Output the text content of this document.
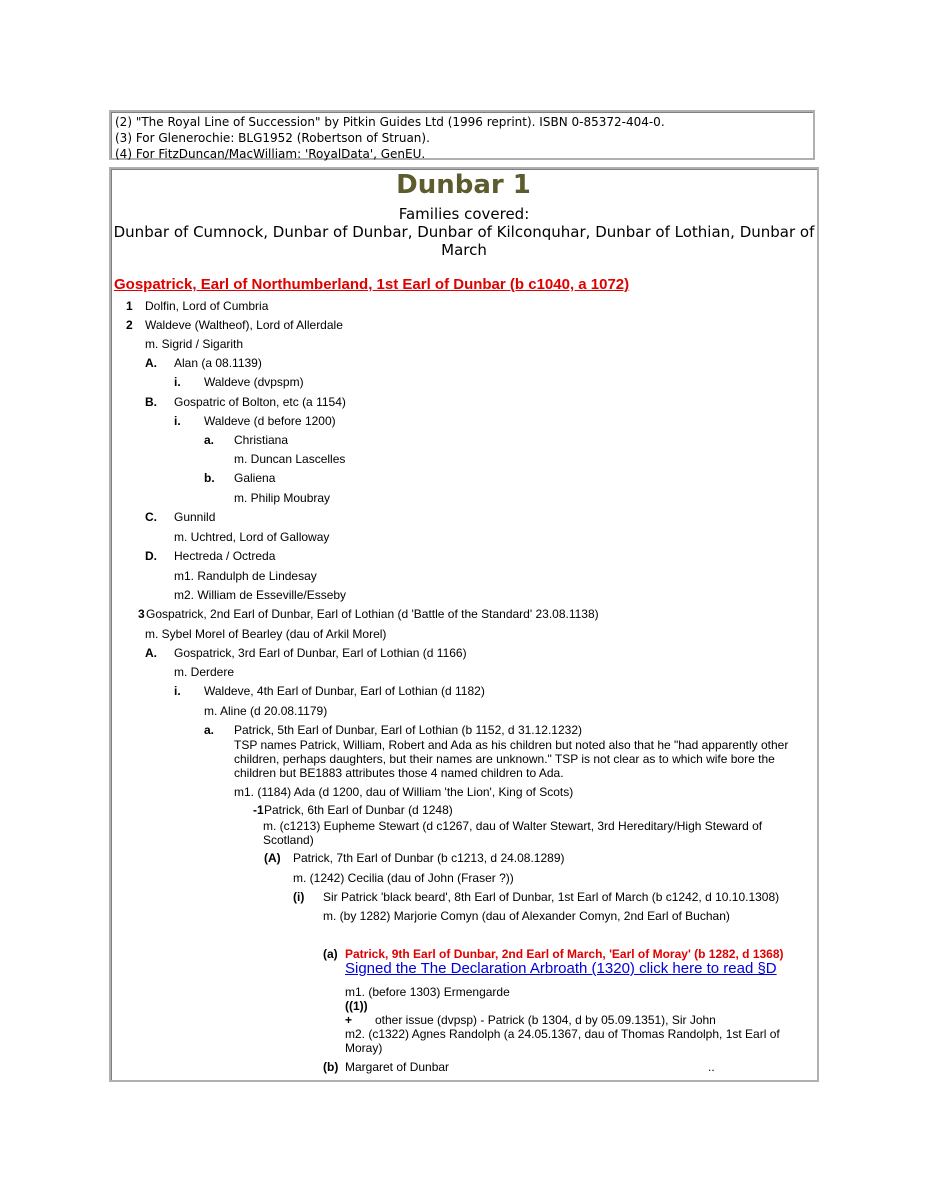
(2) "The Royal Line of Succession" by Pitkin Guides Ltd (1996 reprint). ISBN 0-85372-404-0.
(3) For Glenerochie: BLG1952 (Robertson of Struan).
(4) For FitzDuncan/MacWilliam: 'RoyalData', GenEU.
Dunbar 1
Families covered:
Dunbar of Cumnock, Dunbar of Dunbar, Dunbar of Kilconquhar, Dunbar of Lothian, Dunbar of March
Gospatrick, Earl of Northumberland, 1st Earl of Dunbar (b c1040, a 1072)
1 Dolfin, Lord of Cumbria
2 Waldeve (Waltheof), Lord of Allerdale
m. Sigrid / Sigarith
A. Alan (a 08.1139)
i. Waldeve (dvpspm)
B. Gospatric of Bolton, etc (a 1154)
i. Waldeve (d before 1200)
a. Christiana
m. Duncan Lascelles
b. Galiena
m. Philip Moubray
C. Gunnild
m. Uchtred, Lord of Galloway
D. Hectreda / Octreda
m1. Randulph de Lindesay
m2. William de Esseville/Esseby
3 Gospatrick, 2nd Earl of Dunbar, Earl of Lothian (d 'Battle of the Standard' 23.08.1138)
m. Sybel Morel of Bearley (dau of Arkil Morel)
A. Gospatrick, 3rd Earl of Dunbar, Earl of Lothian (d 1166)
m. Derdere
i. Waldeve, 4th Earl of Dunbar, Earl of Lothian (d 1182)
m. Aline (d 20.08.1179)
a. Patrick, 5th Earl of Dunbar, Earl of Lothian (b 1152, d 31.12.1232)
TSP names Patrick, William, Robert and Ada as his children but noted also that he "had apparently other children, perhaps daughters, but their names are unknown." TSP is not clear as to which wife bore the children but BE1883 attributes those 4 named children to Ada.
m1. (1184) Ada (d 1200, dau of William 'the Lion', King of Scots)
-1 Patrick, 6th Earl of Dunbar (d 1248)
m. (c1213) Eupheme Stewart (d c1267, dau of Walter Stewart, 3rd Hereditary/High Steward of Scotland)
(A) Patrick, 7th Earl of Dunbar (b c1213, d 24.08.1289)
m. (1242) Cecilia (dau of John (Fraser ?))
(i) Sir Patrick 'black beard', 8th Earl of Dunbar, 1st Earl of March (b c1242, d 10.10.1308)
m. (by 1282) Marjorie Comyn (dau of Alexander Comyn, 2nd Earl of Buchan)
(a) Patrick, 9th Earl of Dunbar, 2nd Earl of March, 'Earl of Moray' (b 1282, d 1368)
Signed the The Declaration Arbroath (1320) click here to read §D
m1. (before 1303) Ermengarde
((1))
+ other issue (dvpsp) - Patrick (b 1304, d by 05.09.1351), Sir John
m2. (c1322) Agnes Randolph (a 24.05.1367, dau of Thomas Randolph, 1st Earl of Moray)
(b) Margaret of Dunbar	..
